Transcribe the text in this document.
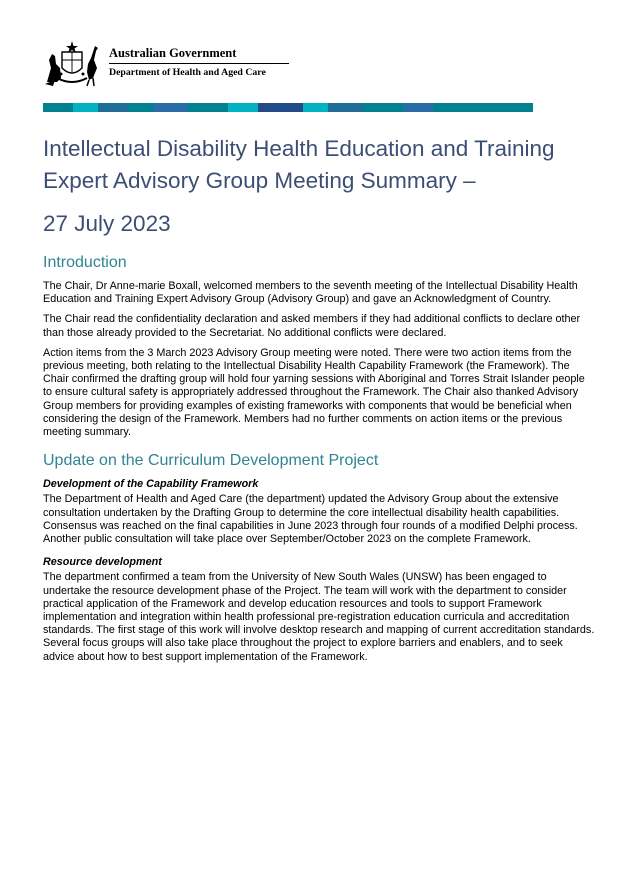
Australian Government
Department of Health and Aged Care
Intellectual Disability Health Education and Training Expert Advisory Group Meeting Summary –
27 July 2023
Introduction

The Chair, Dr Anne-marie Boxall, welcomed members to the seventh meeting of the Intellectual Disability Health Education and Training Expert Advisory Group (Advisory Group) and gave an Acknowledgment of Country.

The Chair read the confidentiality declaration and asked members if they had additional conflicts to declare other than those already provided to the Secretariat. No additional conflicts were declared.

Action items from the 3 March 2023 Advisory Group meeting were noted. There were two action items from the previous meeting, both relating to the Intellectual Disability Health Capability Framework (the Framework). The Chair confirmed the drafting group will hold four yarning sessions with Aboriginal and Torres Strait Islander people to ensure cultural safety is appropriately addressed throughout the Framework. The Chair also thanked Advisory Group members for providing examples of existing frameworks with components that would be beneficial when considering the design of the Framework. Members had no further comments on action items or the previous meeting summary.

Update on the Curriculum Development Project
Development of the Capability Framework

The Department of Health and Aged Care (the department) updated the Advisory Group about the extensive consultation undertaken by the Drafting Group to determine the core intellectual disability health capabilities. Consensus was reached on the final capabilities in June 2023 through four rounds of a modified Delphi process. Another public consultation will take place over September/October 2023 on the complete Framework.

Resource development

The department confirmed a team from the University of New South Wales (UNSW) has been engaged to undertake the resource development phase of the Project. The team will work with the department to consider practical application of the Framework and develop education resources and tools to support Framework implementation and integration within health professional pre-registration education curricula and accreditation standards. The first stage of this work will involve desktop research and mapping of current accreditation standards. Several focus groups will also take place throughout the project to explore barriers and enablers, and to seek advice about how to best support implementation of the Framework.
